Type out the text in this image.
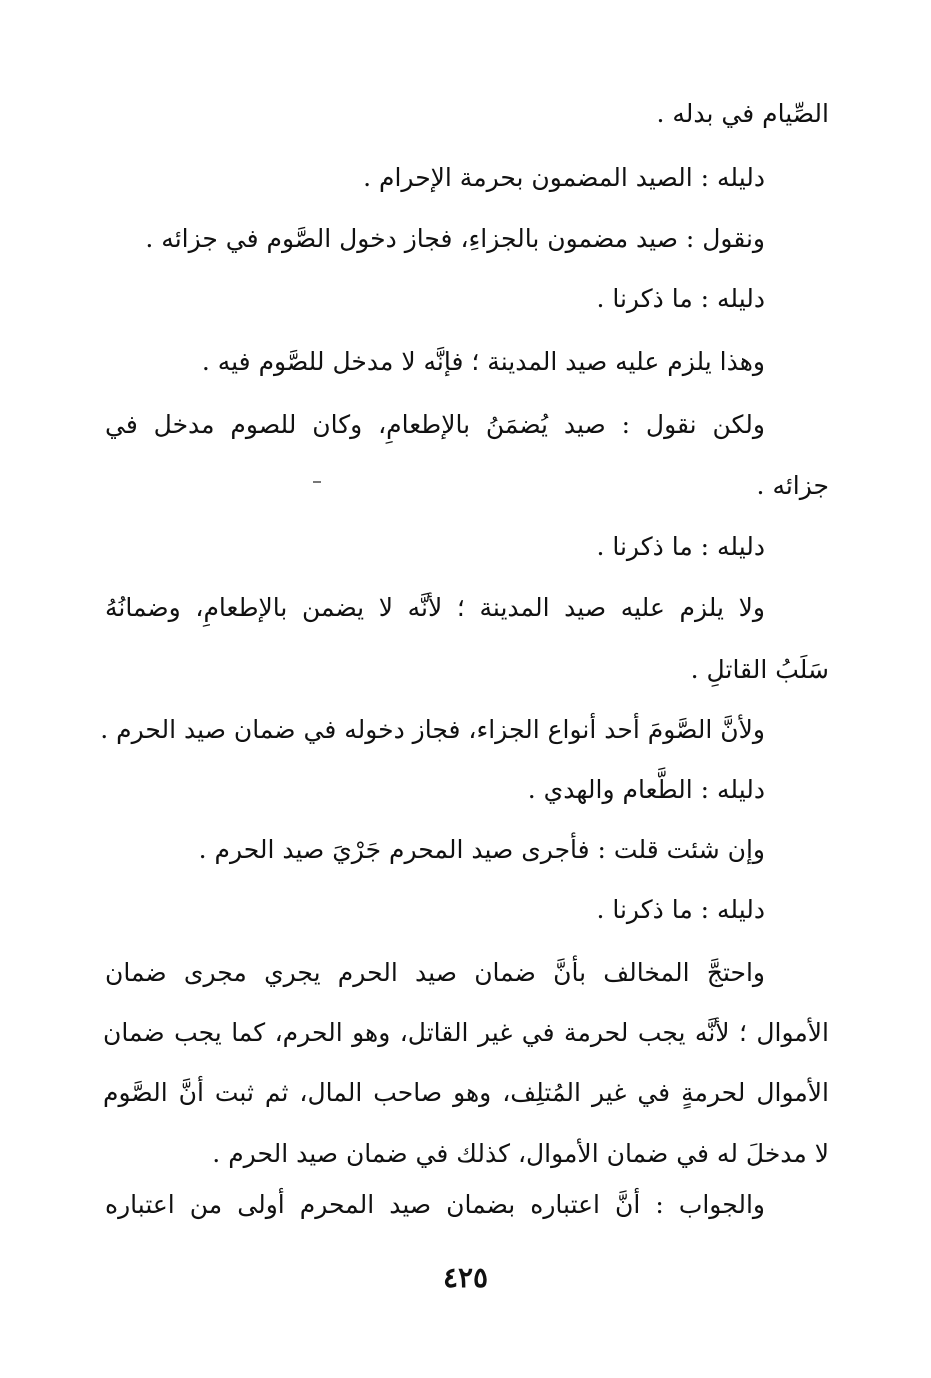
الصِّيام في بدله .
دليله : الصيد المضمون بحرمة الإحرام .
ونقول : صيد مضمون بالجزاءِ، فجاز دخول الصَّوم في جزائه .
دليله : ما ذكرنا .
وهذا يلزم عليه صيد المدينة ؛ فإنَّه لا مدخل للصَّوم فيه .
ولكن نقول : صيد يُضمَنُ بالإطعامِ، وكان للصوم مدخل في
جزائه .
دليله : ما ذكرنا .
ولا يلزم عليه صيد المدينة ؛ لأنَّه لا يضمن بالإطعامِ، وضمانُهُ
سَلَبُ القاتلِ .
ولأنَّ الصَّومَ أحد أنواع الجزاء، فجاز دخوله في ضمان صيد الحرم .
دليله : الطَّعام والهدي .
وإن شئت قلت : فأجرى صيد المحرم جَرْيَ صيد الحرم .
دليله : ما ذكرنا .
واحتجَّ المخالف بأنَّ ضمان صيد الحرم يجري مجرى ضمان
الأموال ؛ لأنَّه يجب لحرمة في غير القاتل، وهو الحرم، كما يجب ضمان
الأموال لحرمةٍ في غير المُتلِف، وهو صاحب المال، ثم ثبت أنَّ الصَّوم
لا مدخلَ له في ضمان الأموال، كذلك في ضمان صيد الحرم .
والجواب : أنَّ اعتباره بضمان صيد المحرم أولى من اعتباره
٤٢٥
